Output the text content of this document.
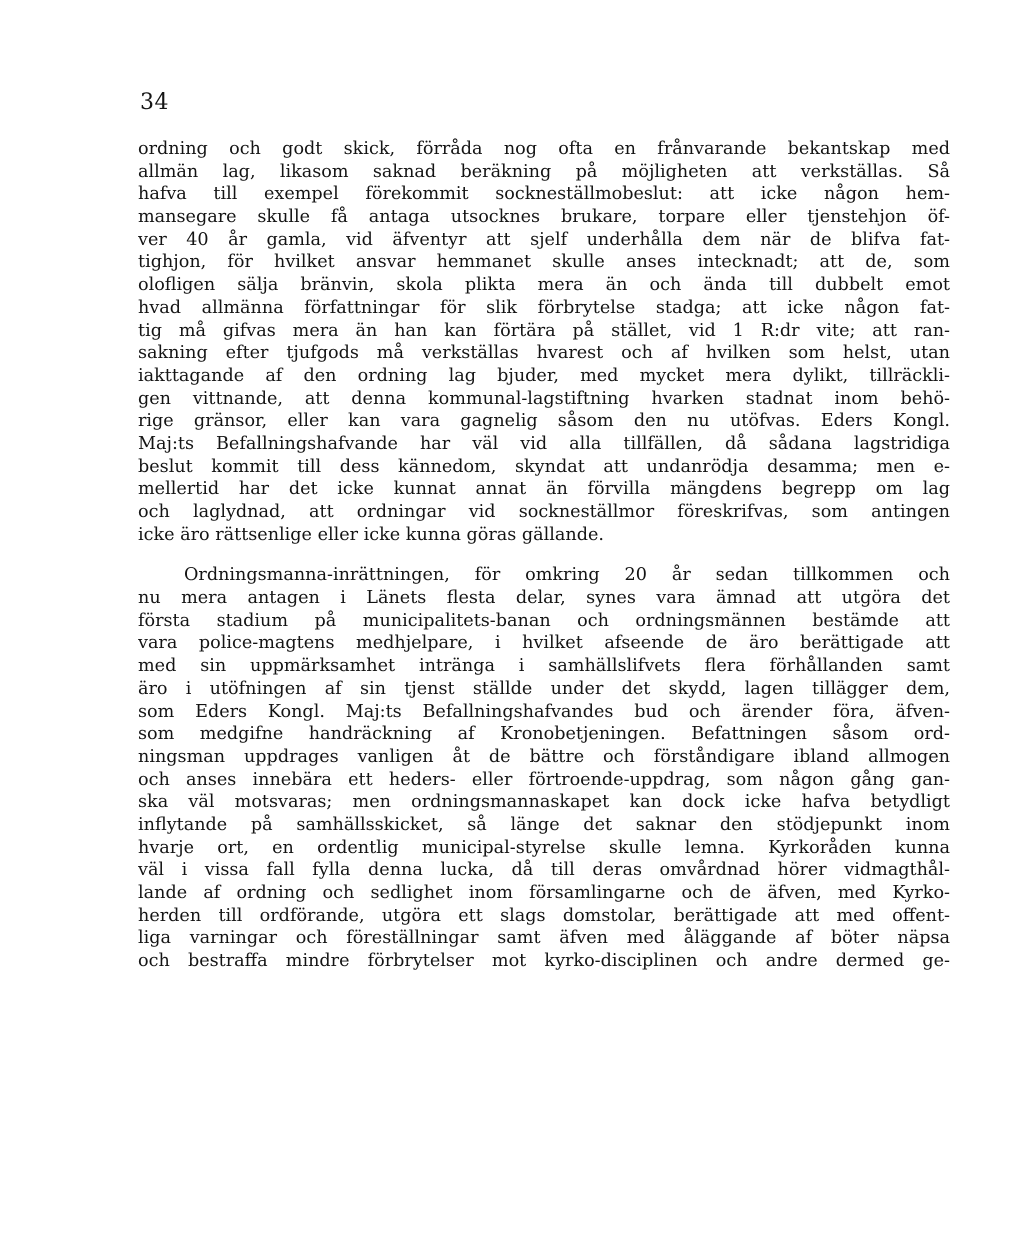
34
ordning och godt skick, förråda nog ofta en frånvarande bekantskap med
allmän lag, likasom saknad beräkning på möjligheten att verkställas. Så
hafva till exempel förekommit sockneställmobeslut: att icke någon hem-
mansegare skulle få antaga utsocknes brukare, torpare eller tjenstehjon öf-
ver 40 år gamla, vid äfventyr att sjelf underhålla dem när de blifva fat-
tighjon, för hvilket ansvar hemmanet skulle anses intecknadt; att de, som
olofligen sälja bränvin, skola plikta mera än och ända till dubbelt emot
hvad allmänna författningar för slik förbrytelse stadga; att icke någon fat-
tig må gifvas mera än han kan förtära på stället, vid 1 R:dr vite; att ran-
sakning efter tjufgods må verkställas hvarest och af hvilken som helst, utan
iakttagande af den ordning lag bjuder, med mycket mera dylikt, tillräckli-
gen vittnande, att denna kommunal-lagstiftning hvarken stadnat inom behö-
rige gränsor, eller kan vara gagnelig såsom den nu utöfvas. Eders Kongl.
Maj:ts Befallningshafvande har väl vid alla tillfällen, då sådana lagstridiga
beslut kommit till dess kännedom, skyndat att undanrödja desamma; men e-
mellertid har det icke kunnat annat än förvilla mängdens begrepp om lag
och laglydnad, att ordningar vid sockneställmor föreskrifvas, som antingen
icke äro rättsenlige eller icke kunna göras gällande.
Ordningsmanna-inrättningen, för omkring 20 år sedan tillkommen och
nu mera antagen i Länets flesta delar, synes vara ämnad att utgöra det
första stadium på municipalitets-banan och ordningsmännen bestämde att
vara police-magtens medhjelpare, i hvilket afseende de äro berättigade att
med sin uppmärksamhet inträngа i samhällslifvets flera förhållanden samt
äro i utöfningen af sin tjenst ställde under det skydd, lagen tillägger dem,
som Eders Kongl. Maj:ts Befallningshafvandes bud och ärender föra, äfven-
som medgifne handräckning af Kronobetjeningen. Befattningen såsom ord-
ningsman uppdrages vanligen åt de bättre och förståndigare ibland allmogen
och anses innebära ett heders- eller förtroende-uppdrag, som någon gång gan-
ska väl motsvaras; men ordningsmannaskapet kan dock icke hafva betydligt
inflytande på samhällsskicket, så länge det saknar den stödjepunkt inom
hvarje ort, en ordentlig municipal-styrelse skulle lemna. Kyrkorådеn kunna
väl i vissa fall fylla denna lucka, då till deras omvårdnad hörer vidmagthål-
lande af ordning och sedlighet inom församlingarne och de äfven, med Kyrko-
herden till ordförande, utgöra ett slags domstolar, berättigade att med offent-
liga varningar och föreställningar samt äfven med åläggande af böter näpsa
och bestraffa mindre förbrytelser mot kyrko-disciplinen och andre dermed ge-
